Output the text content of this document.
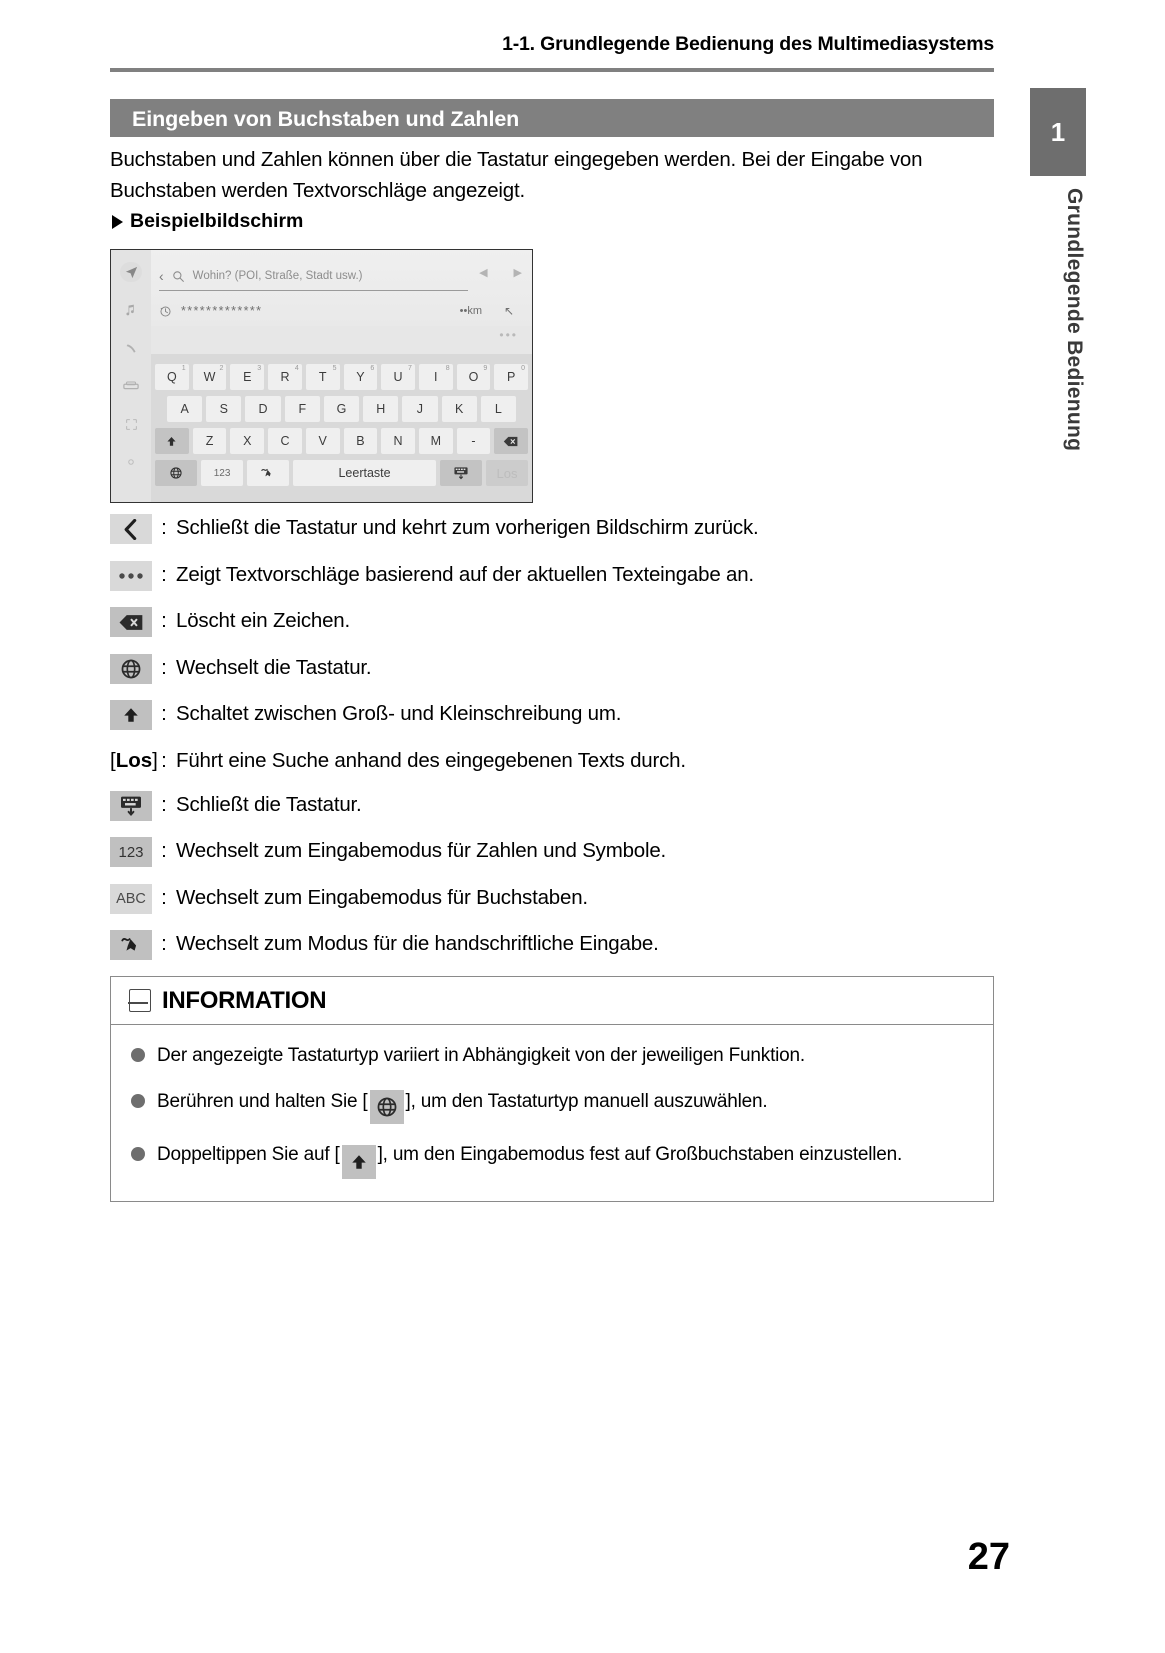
1-1. Grundlegende Bedienung des Multimediasystems
1
Grundlegende Bedienung
Eingeben von Buchstaben und Zahlen
Buchstaben und Zahlen können über die Tastatur eingegeben werden. Bei der Eingabe von Buchstaben werden Textvorschläge angezeigt.
Beispielbildschirm
‹	Wohin? (POI, Straße, Stadt usw.)	◀ ▶
*************	••km ↖
•••
Q
$^1$
W
$^2$
E
$^3$
R
$^4$
T
$^5$
Y
$^6$
U
$^7$
I
$^8$
O
$^9$
P
$^0$
A	S	D	F	G	H	J	K	L
Z	X	C	V	B	N	M	-
123	Leertaste	Los
: Schließt die Tastatur und kehrt zum vorherigen Bildschirm zurück.
: Zeigt Textvorschläge basierend auf der aktuellen Texteingabe an.
: Löscht ein Zeichen.
: Wechselt die Tastatur.
: Schaltet zwischen Groß- und Kleinschreibung um.
[Los] : Führt eine Suche anhand des eingegebenen Texts durch.
: Schließt die Tastatur.
123 : Wechselt zum Eingabemodus für Zahlen und Symbole.
ABC : Wechselt zum Eingabemodus für Buchstaben.
: Wechselt zum Modus für die handschriftliche Eingabe.
INFORMATION
Der angezeigte Tastaturtyp variiert in Abhängigkeit von der jeweiligen Funktion.
Berühren und halten Sie [ ], um den Tastaturtyp manuell auszuwählen.
Doppeltippen Sie auf [ ], um den Eingabemodus fest auf Großbuchstaben einzustellen.
27
